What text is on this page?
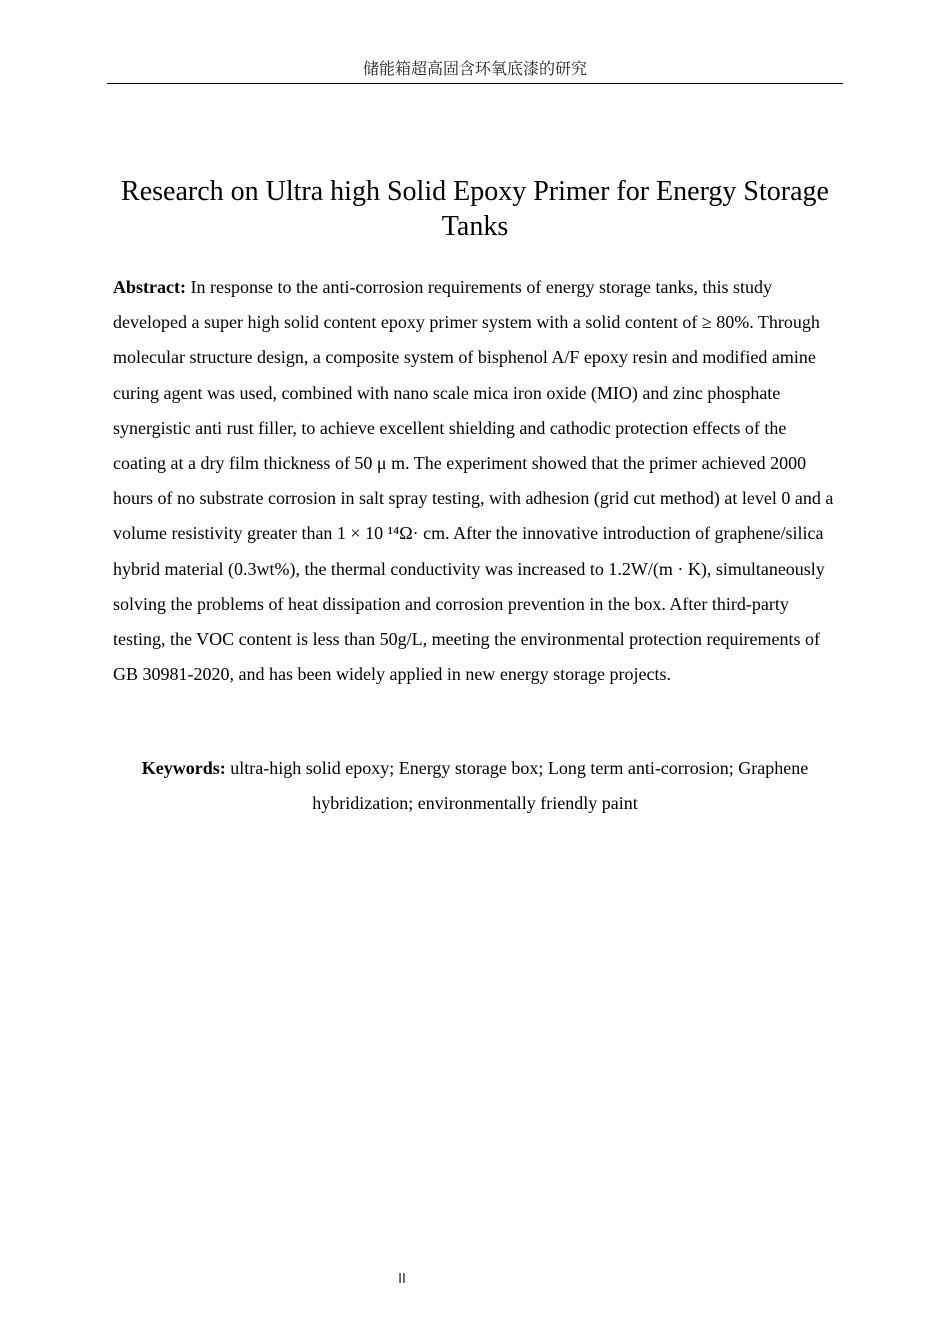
储能箱超高固含环氧底漆的研究
Research on Ultra high Solid Epoxy Primer for Energy Storage Tanks

Abstract: In response to the anti-corrosion requirements of energy storage tanks, this study developed a super high solid content epoxy primer system with a solid content of ≥ 80%. Through molecular structure design, a composite system of bisphenol A/F epoxy resin and modified amine curing agent was used, combined with nano scale mica iron oxide (MIO) and zinc phosphate synergistic anti rust filler, to achieve excellent shielding and cathodic protection effects of the coating at a dry film thickness of 50 μ m. The experiment showed that the primer achieved 2000 hours of no substrate corrosion in salt spray testing, with adhesion (grid cut method) at level 0 and a volume resistivity greater than 1 × 10 ¹⁴Ω· cm. After the innovative introduction of graphene/silica hybrid material (0.3wt%), the thermal conductivity was increased to 1.2W/(m · K), simultaneously solving the problems of heat dissipation and corrosion prevention in the box. After third-party testing, the VOC content is less than 50g/L, meeting the environmental protection requirements of GB 30981-2020, and has been widely applied in new energy storage projects.

Keywords: ultra-high solid epoxy; Energy storage box; Long term anti-corrosion; Graphene hybridization; environmentally friendly paint

II
